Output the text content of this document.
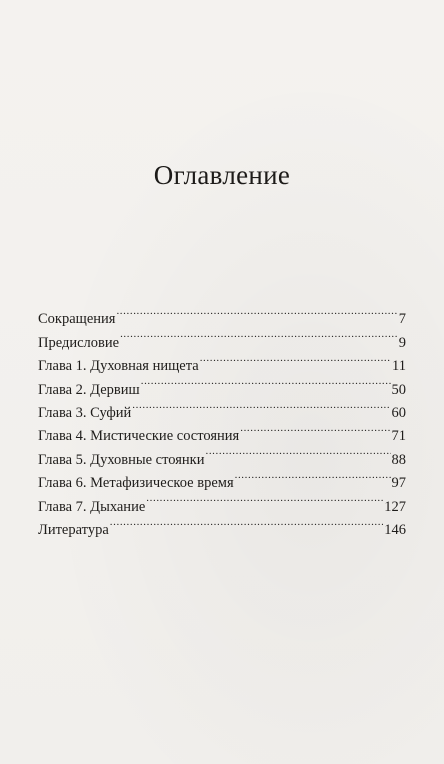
Оглавление
Сокращения .....	7
Предисловие .....	9
Глава 1. Духовная нищета .....	11
Глава 2. Дервиш .....	50
Глава 3. Суфий .....	60
Глава 4. Мистические состояния .....	71
Глава 5. Духовные стоянки .....	88
Глава 6. Метафизическое время .....	97
Глава 7. Дыхание .....	127
Литература .....	146
